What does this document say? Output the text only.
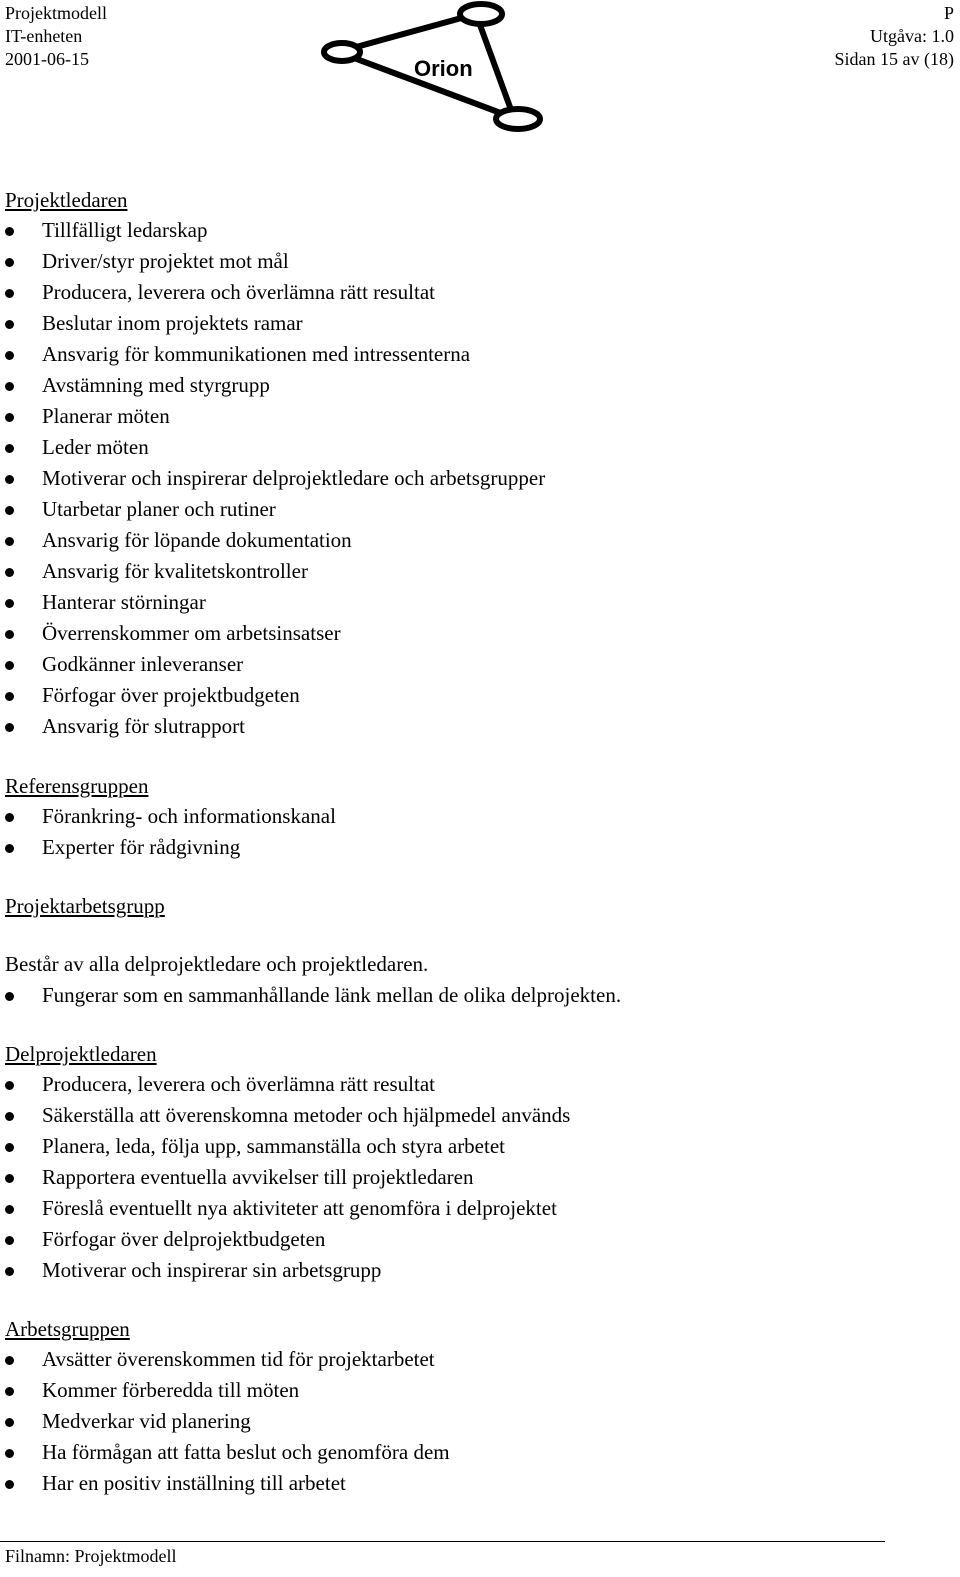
Projektmodell
IT-enheten
2001-06-15	Orion
P
Utgåva: 1.0
Sidan 15 av (18)
Projektledaren
Tillfälligt ledarskap
Driver/styr projektet mot mål
Producera, leverera och överlämna rätt resultat
Beslutar inom projektets ramar
Ansvarig för kommunikationen med intressenterna
Avstämning med styrgrupp
Planerar möten
Leder möten
Motiverar och inspirerar delprojektledare och arbetsgrupper
Utarbetar planer och rutiner
Ansvarig för löpande dokumentation
Ansvarig för kvalitetskontroller
Hanterar störningar
Överrenskommer om arbetsinsatser
Godkänner inleveranser
Förfogar över projektbudgeten
Ansvarig för slutrapport
Referensgruppen
Förankring- och informationskanal
Experter för rådgivning
Projektarbetsgrupp
Består av alla delprojektledare och projektledaren.
Fungerar som en sammanhållande länk mellan de olika delprojekten.
Delprojektledaren
Producera, leverera och överlämna rätt resultat
Säkerställa att överenskomna metoder och hjälpmedel används
Planera, leda, följa upp, sammanställa och styra arbetet
Rapportera eventuella avvikelser till projektledaren
Föreslå eventuellt nya aktiviteter att genomföra i delprojektet
Förfogar över delprojektbudgeten
Motiverar och inspirerar sin arbetsgrupp
Arbetsgruppen
Avsätter överenskommen tid för projektarbetet
Kommer förberedda till möten
Medverkar vid planering
Ha förmågan att fatta beslut och genomföra dem
Har en positiv inställning till arbetet
Filnamn: Projektmodell
